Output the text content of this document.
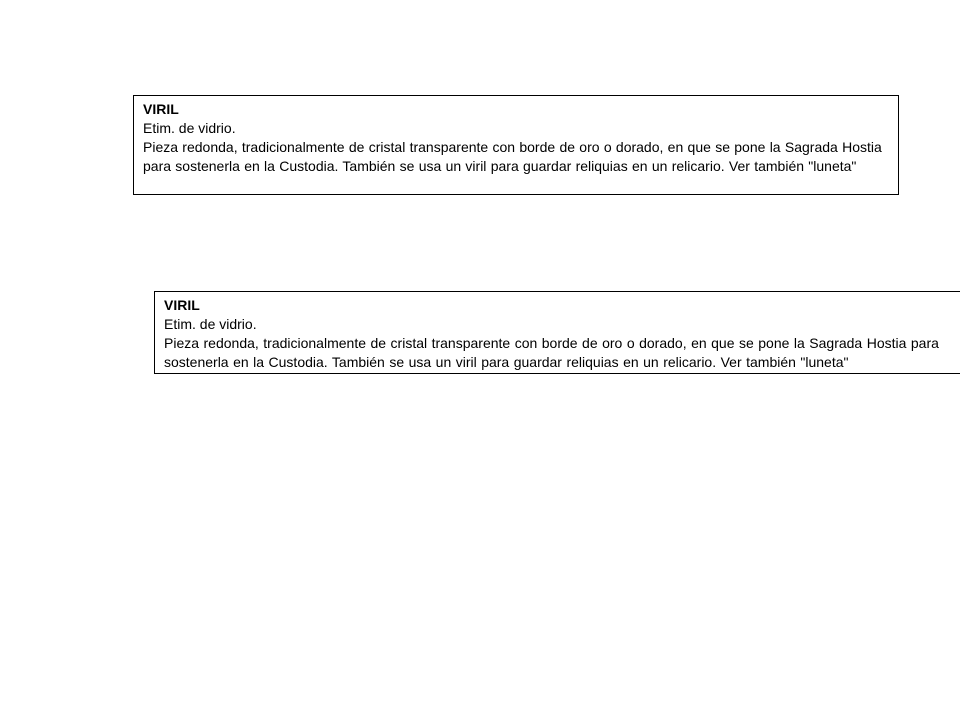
VIRIL
Etim. de vidrio.
Pieza redonda, tradicionalmente de cristal transparente con borde de oro o dorado, en que se pone la Sagrada Hostia para sostenerla en la Custodia. También se usa un viril para guardar reliquias en un relicario. Ver también "luneta"
VIRIL
Etim. de vidrio.
Pieza redonda, tradicionalmente de cristal transparente con borde de oro o dorado, en que se pone la Sagrada Hostia para sostenerla en la Custodia. También se usa un viril para guardar reliquias en un relicario. Ver también "luneta"
